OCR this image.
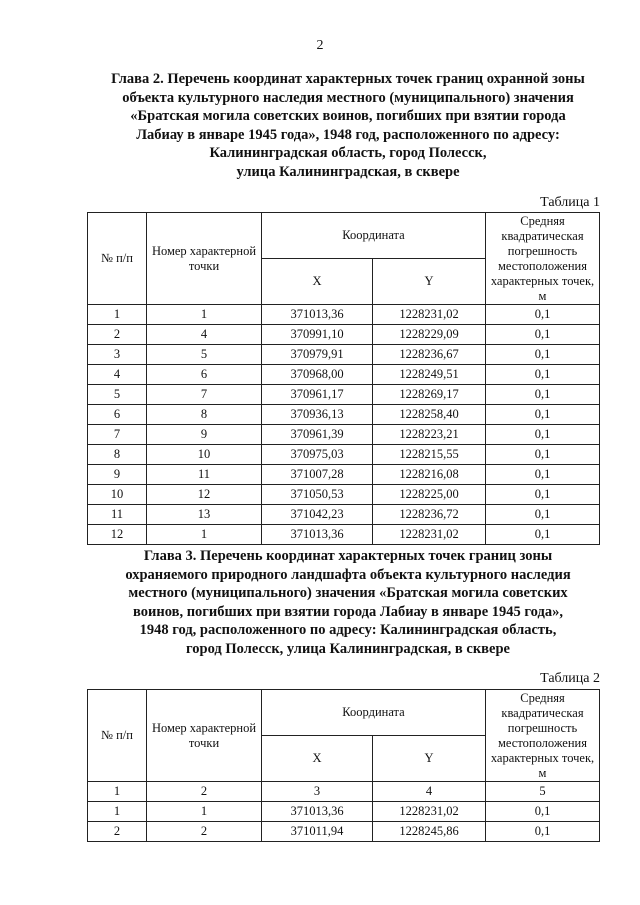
2
Глава 2. Перечень координат характерных точек границ охранной зоны
объекта культурного наследия местного (муниципального) значения
«Братская могила советских воинов, погибших при взятии города
Лабиау в январе 1945 года», 1948 год, расположенного по адресу:
Калининградская область, город Полесск,
улица Калининградская, в сквере
Таблица 1
№ п/п	Номер характерной точки	Координата		Средняя квадратическая погрешность местоположения характерных точек, м
		X	Y	
1	1	371013,36	1228231,02	0,1
2	4	370991,10	1228229,09	0,1
3	5	370979,91	1228236,67	0,1
4	6	370968,00	1228249,51	0,1
5	7	370961,17	1228269,17	0,1
6	8	370936,13	1228258,40	0,1
7	9	370961,39	1228223,21	0,1
8	10	370975,03	1228215,55	0,1
9	11	371007,28	1228216,08	0,1
10	12	371050,53	1228225,00	0,1
11	13	371042,23	1228236,72	0,1
12	1	371013,36	1228231,02	0,1
Глава 3. Перечень координат характерных точек границ зоны
охраняемого природного ландшафта объекта культурного наследия
местного (муниципального) значения «Братская могила советских
воинов, погибших при взятии города Лабиау в январе 1945 года»,
1948 год, расположенного по адресу: Калининградская область,
город Полесск, улица Калининградская, в сквере
Таблица 2
№ п/п	Номер характерной точки	Координата		Средняя квадратическая погрешность местоположения характерных точек, м
		X	Y	
1	2	3	4	5
1	1	371013,36	1228231,02	0,1
2	2	371011,94	1228245,86	0,1
